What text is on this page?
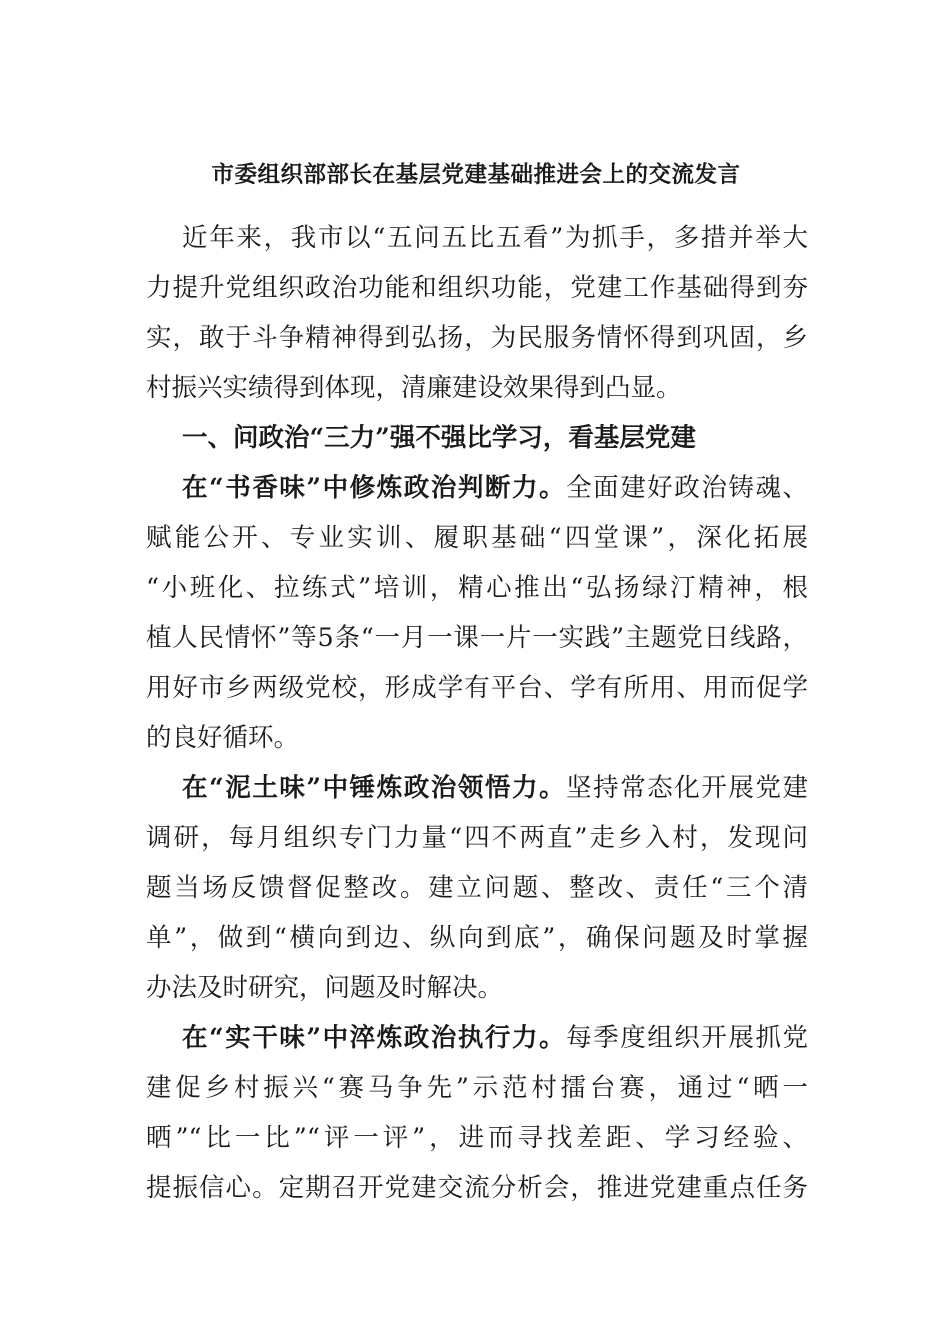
市委组织部部长在基层党建基础推进会上的交流发言
近年来，我市以“五问五比五看”为抓手，多措并举大
力提升党组织政治功能和组织功能，党建工作基础得到夯
实，敢于斗争精神得到弘扬，为民服务情怀得到巩固，乡
村振兴实绩得到体现，清廉建设效果得到凸显。
一、问政治“三力”强不强比学习，看基层党建
在“书香味”中修炼政治判断力。全面建好政治铸魂、
赋能公开、专业实训、履职基础“四堂课”，深化拓展
“小班化、拉练式”培训，精心推出“弘扬绿汀精神，根
植人民情怀”等5条“一月一课一片一实践”主题党日线路，
用好市乡两级党校，形成学有平台、学有所用、用而促学
的良好循环。
在“泥土味”中锤炼政治领悟力。坚持常态化开展党建
调研，每月组织专门力量“四不两直”走乡入村，发现问
题当场反馈督促整改。建立问题、整改、责任“三个清
单”，做到“横向到边、纵向到底”，确保问题及时掌握
办法及时研究，问题及时解决。
在“实干味”中淬炼政治执行力。每季度组织开展抓党
建促乡村振兴“赛马争先”示范村擂台赛，通过“晒一
晒”“比一比”“评一评”，进而寻找差距、学习经验、
提振信心。定期召开党建交流分析会，推进党建重点任务
